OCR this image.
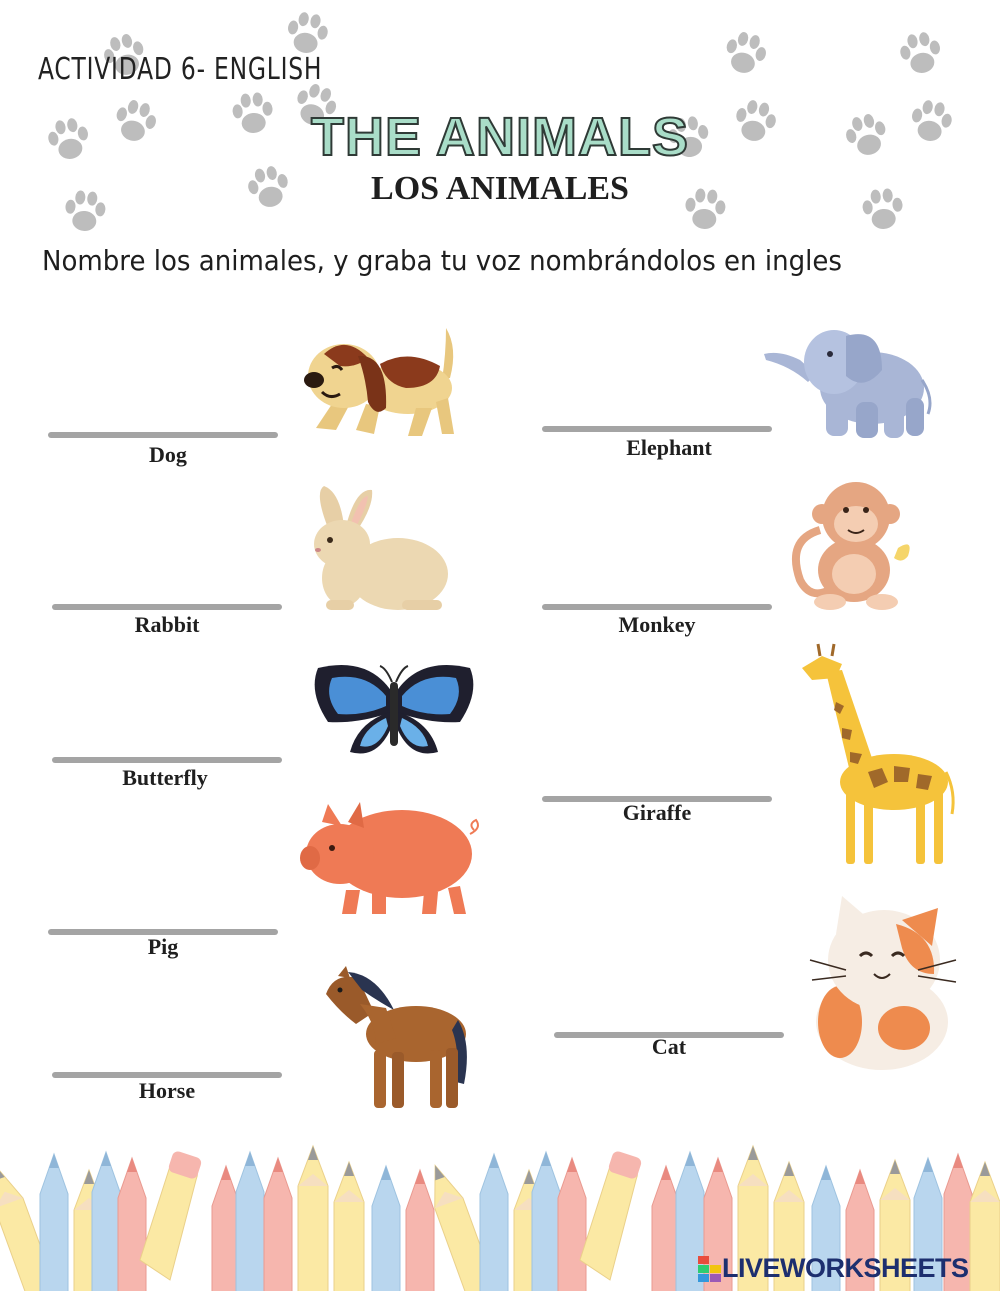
ACTIVIDAD 6- ENGLISH
THE ANIMALS
LOS ANIMALES
Nombre los animales, y graba tu voz nombrándolos en ingles
Dog
Rabbit
Butterfly
Pig
Horse
Elephant
Monkey
Giraffe
Cat
LIVEWORKSHEETS
